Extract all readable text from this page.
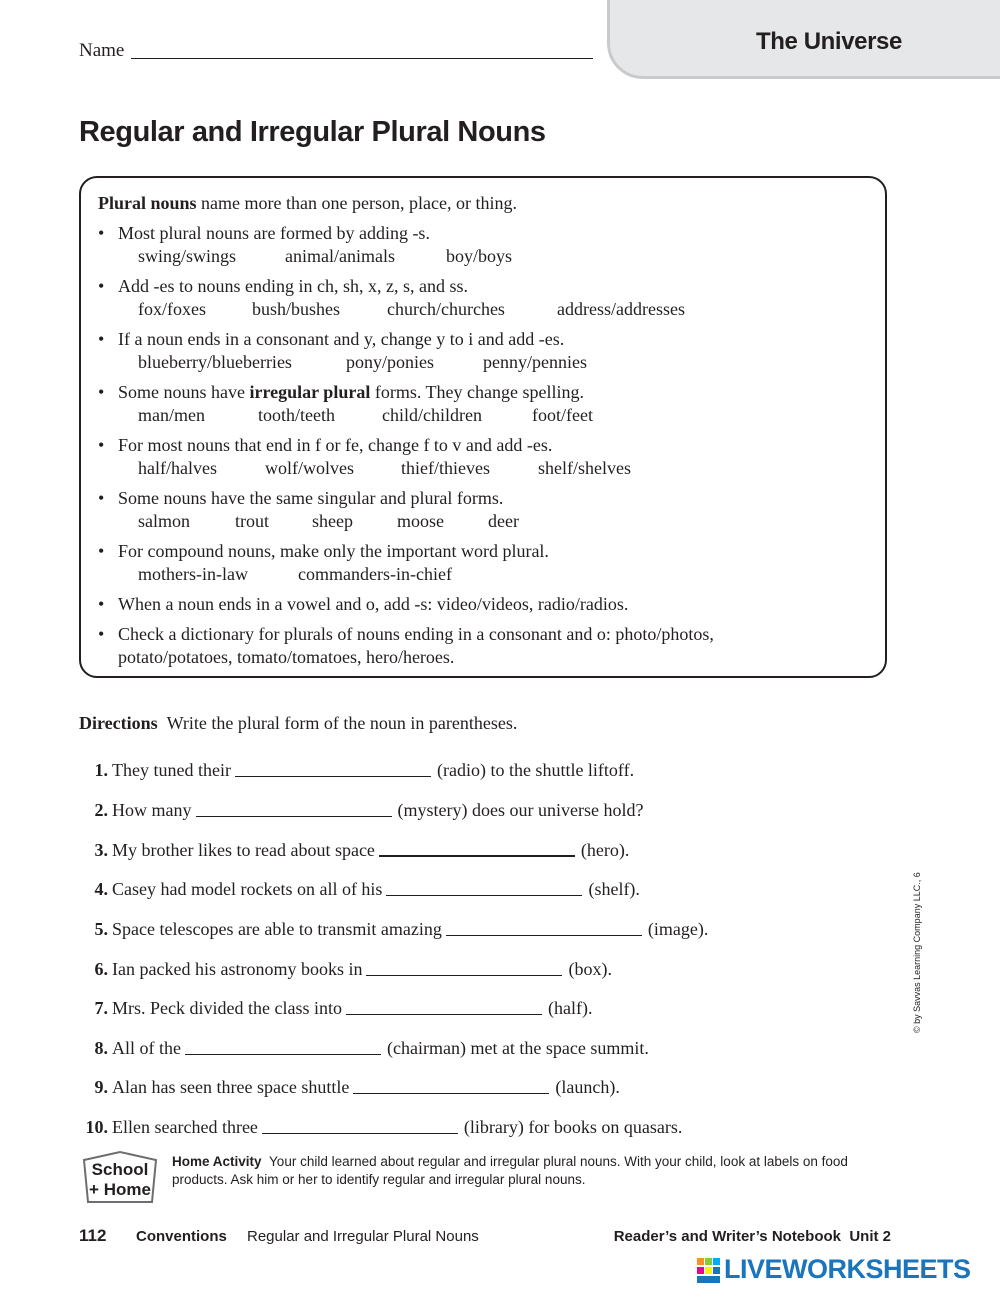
Name	The Universe
Regular and Irregular Plural Nouns
Plural nouns name more than one person, place, or thing.
• Most plural nouns are formed by adding -s.
swing/swings	animal/animals	boy/boys
• Add -es to nouns ending in ch, sh, x, z, s, and ss.
fox/foxes	bush/bushes	church/churches	address/addresses
• If a noun ends in a consonant and y, change y to i and add -es.
blueberry/blueberries	pony/ponies	penny/pennies
• Some nouns have irregular plural forms. They change spelling.
man/men	tooth/teeth	child/children	foot/feet
• For most nouns that end in f or fe, change f to v and add -es.
half/halves	wolf/wolves	thief/thieves	shelf/shelves
• Some nouns have the same singular and plural forms.
salmon	trout sheep moose deer
• For compound nouns, make only the important word plural.
mothers-in-law	commanders-in-chief
• When a noun ends in a vowel and o, add -s: video/videos, radio/radios.
• Check a dictionary for plurals of nouns ending in a consonant and o: photo/photos,
potato/potatoes, tomato/tomatoes, hero/heroes.
Directions Write the plural form of the noun in parentheses.
1. They tuned their	(radio) to the shuttle liftoff.
2. How many	(mystery) does our universe hold?
3. My brother likes to read about space	(hero).
4. Casey had model rockets on all of his	(shelf).
5. Space telescopes are able to transmit amazing	(image).
6. Ian packed his astronomy books in	(box).
7. Mrs. Peck divided the class into	(half).
8. All of the	(chairman) met at the space summit.
9. Alan has seen three space shuttle	(launch).
10. Ellen searched three	(library) for books on quasars.
© by Savvas Learning Company LLC., 6
School
+ Home
Home Activity Your child learned about regular and irregular plural nouns. With your child, look at labels on food products. Ask him or her to identify regular and irregular plural nouns.
112 Conventions Regular and Irregular Plural Nouns	Reader’s and Writer’s Notebook Unit 2
LIVEWORKSHEETS
